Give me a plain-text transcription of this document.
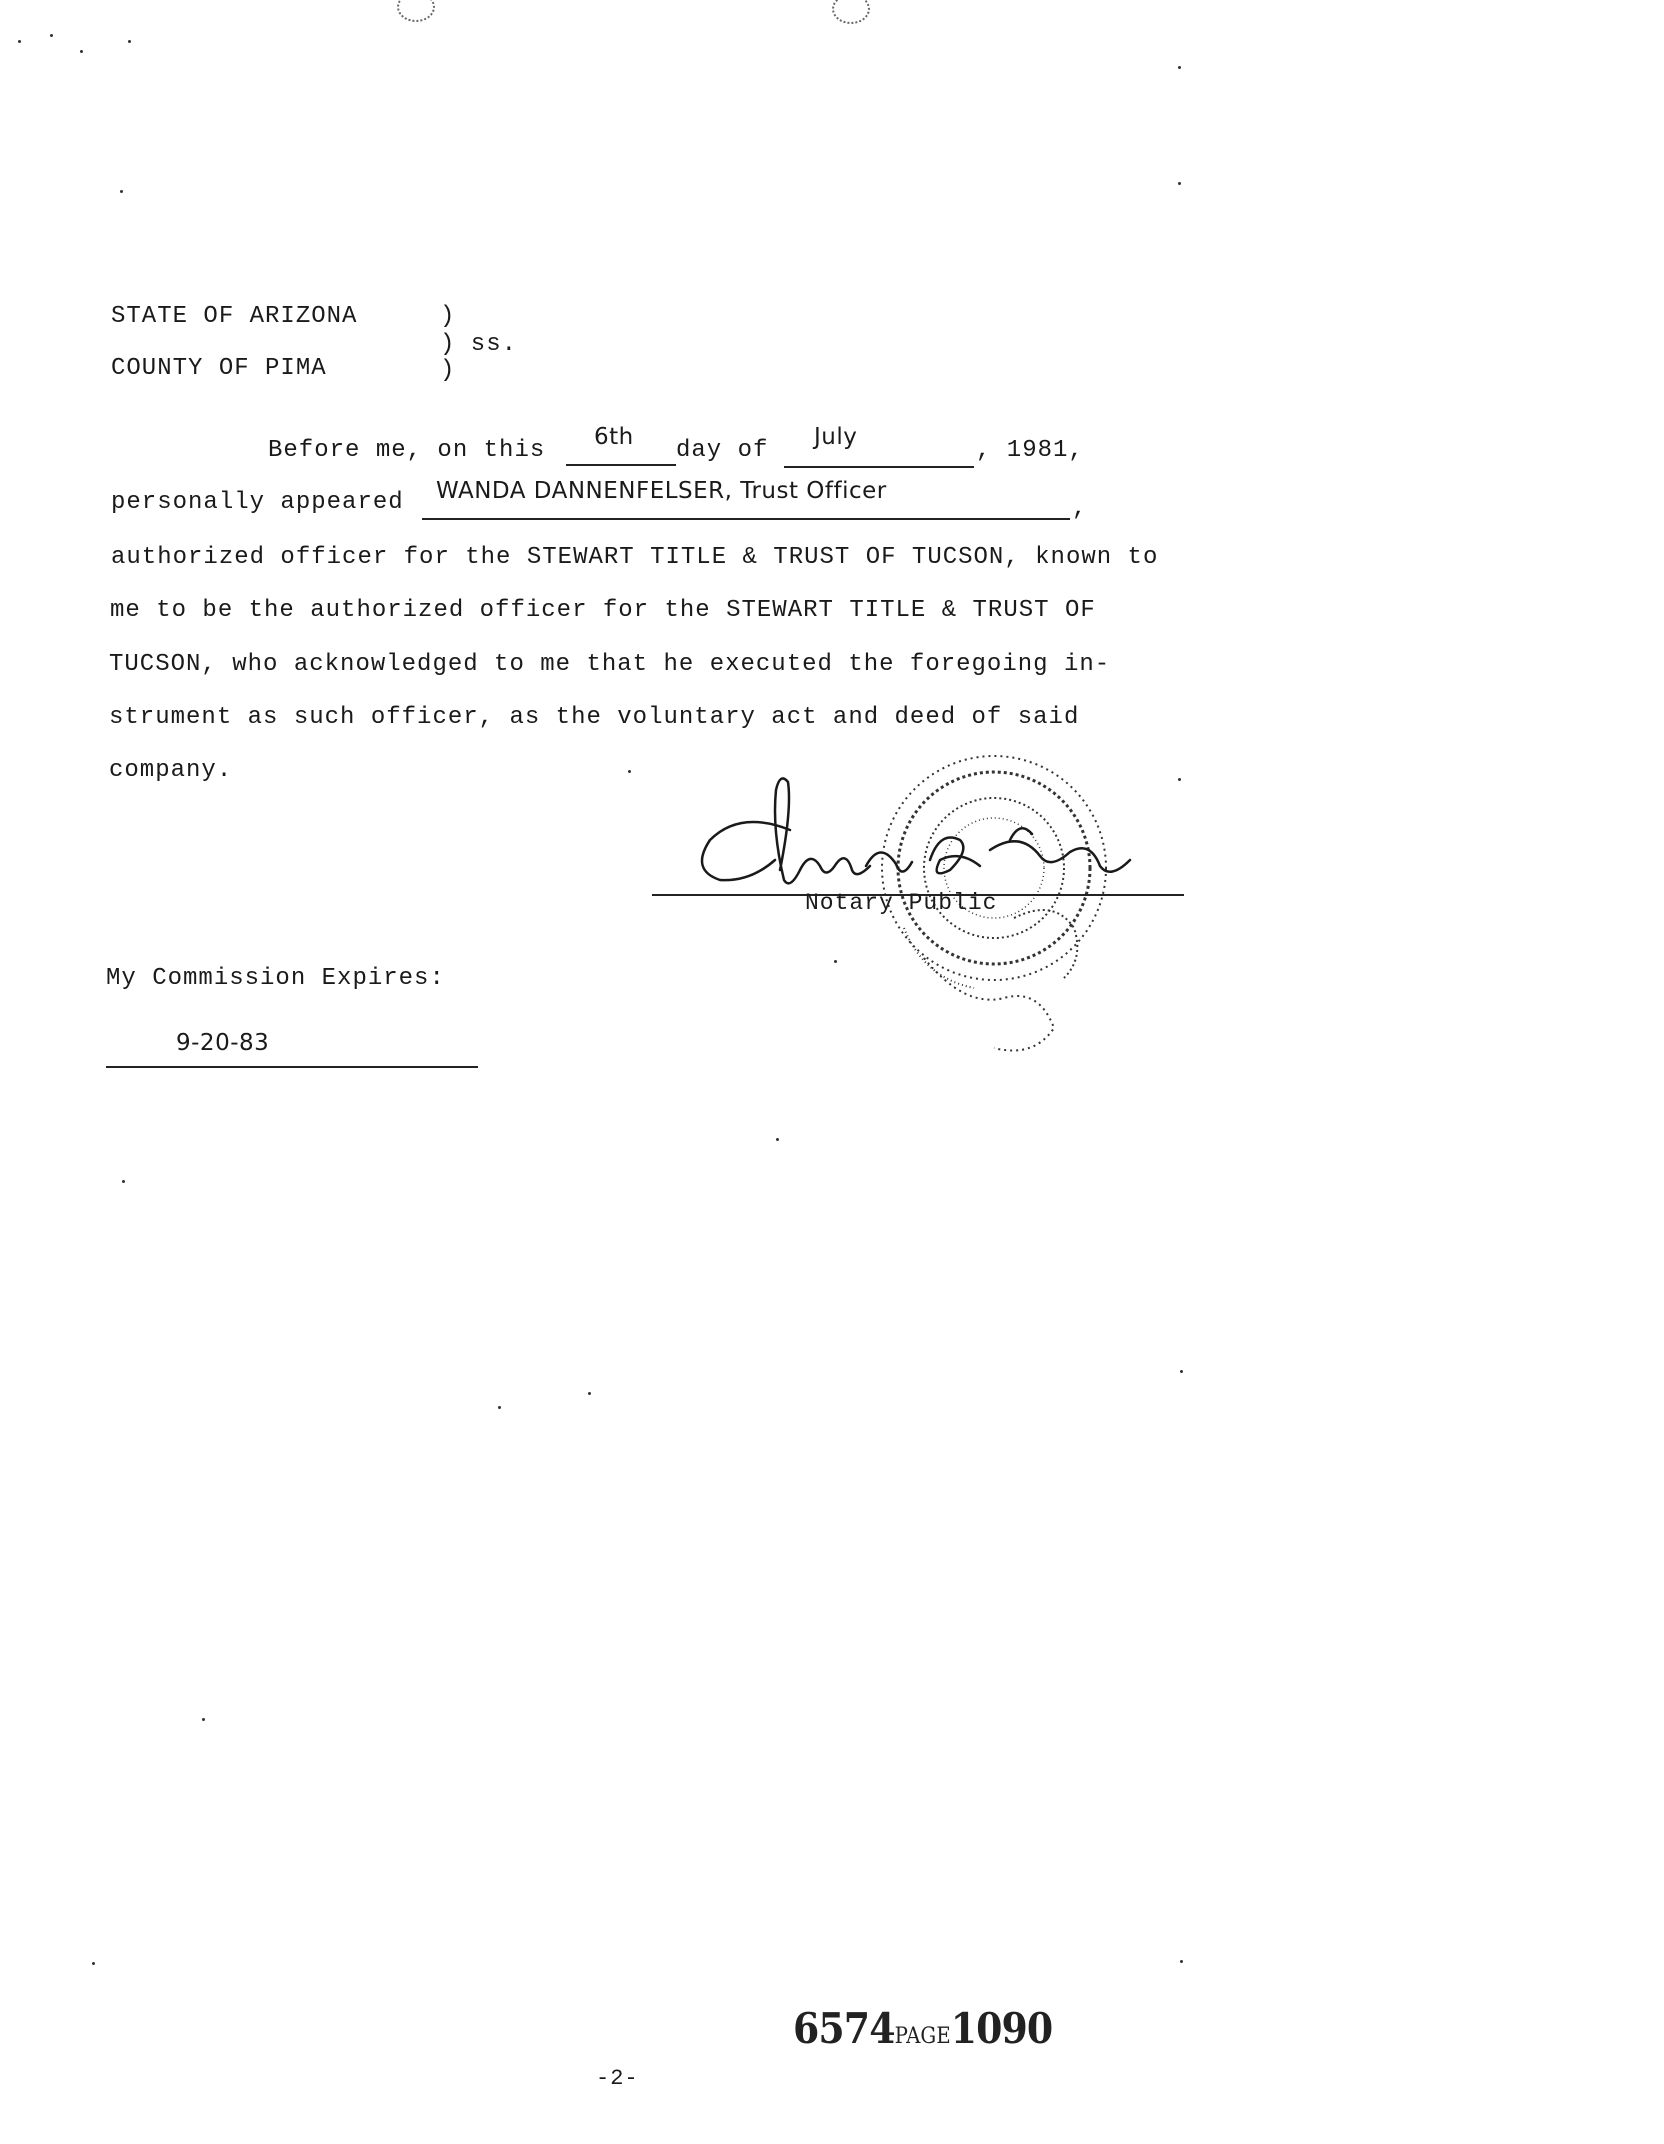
STATE OF ARIZONA
COUNTY OF PIMA
)
) ss.
)
Before me, on this 6th day of July	, 1981,
personally appeared WANDA DANNENFELSER, Trust Officer
,
authorized officer for the STEWART TITLE & TRUST OF TUCSON, known to
me to be the authorized officer for the STEWART TITLE & TRUST OF
TUCSON, who acknowledged to me that he executed the foregoing in-
strument as such officer, as the voluntary act and deed of said
company.
Notary Public
My Commission Expires:
9-20-83
6574PAGE1090
-2-
